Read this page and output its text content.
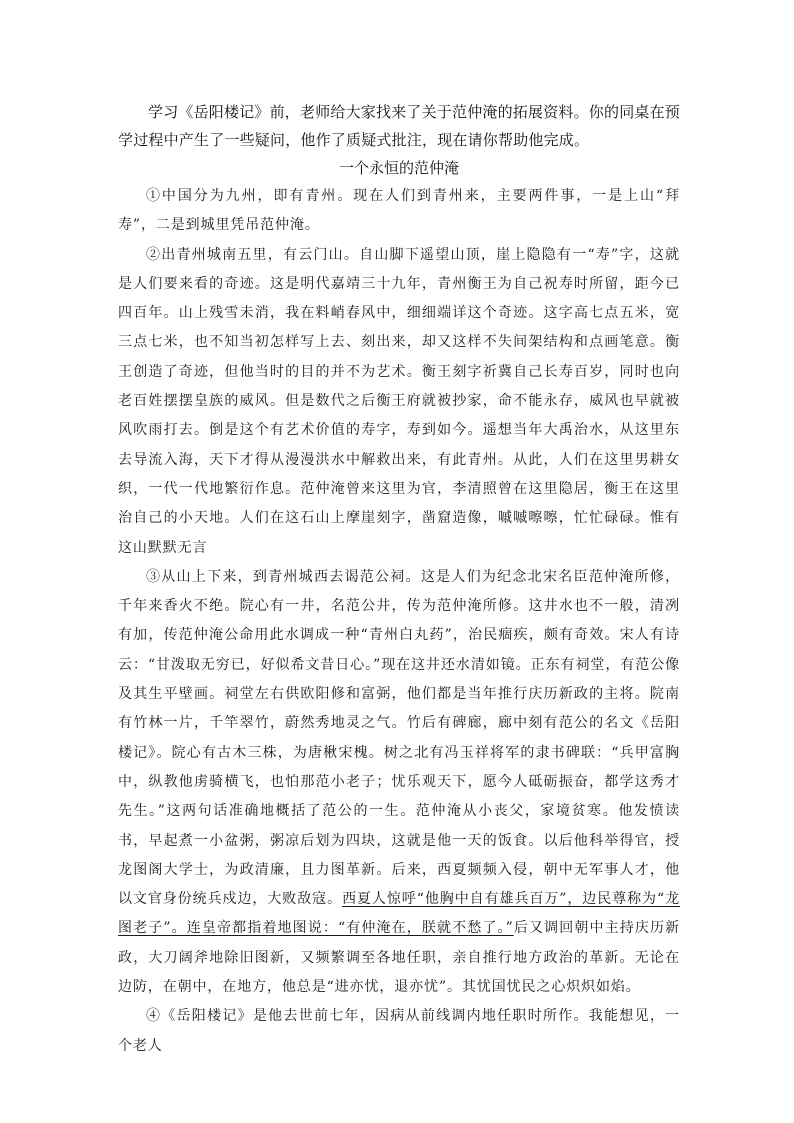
学习《岳阳楼记》前，老师给大家找来了关于范仲淹的拓展资料。你的同桌在预学过程中产生了一些疑问，他作了质疑式批注，现在请你帮助他完成。

一个永恒的范仲淹

①中国分为九州，即有青州。现在人们到青州来，主要两件事，一是上山“拜寿”，二是到城里凭吊范仲淹。

②出青州城南五里，有云门山。自山脚下遥望山顶，崖上隐隐有一“寿”字，这就是人们要来看的奇迹。这是明代嘉靖三十九年，青州衡王为自己祝寿时所留，距今已四百年。山上残雪未消，我在料峭春风中，细细端详这个奇迹。这字高七点五米，宽三点七米，也不知当初怎样写上去、刻出来，却又这样不失间架结构和点画笔意。衡王创造了奇迹，但他当时的目的并不为艺术。衡王刻字祈冀自己长寿百岁，同时也向老百姓摆摆皇族的威风。但是数代之后衡王府就被抄家，命不能永存，威风也早就被风吹雨打去。倒是这个有艺术价值的寿字，寿到如今。遥想当年大禹治水，从这里东去导流入海，天下才得从漫漫洪水中解救出来，有此青州。从此，人们在这里男耕女织，一代一代地繁衍作息。范仲淹曾来这里为官，李清照曾在这里隐居，衡王在这里治自己的小天地。人们在这石山上摩崖刻字，凿窟造像，嘁嘁嚓嚓，忙忙碌碌。惟有这山默默无言

③从山上下来，到青州城西去谒范公祠。这是人们为纪念北宋名臣范仲淹所修，千年来香火不绝。院心有一井，名范公井，传为范仲淹所修。这井水也不一般，清冽有加，传范仲淹公命用此水调成一种“青州白丸药”，治民痼疾，颇有奇效。宋人有诗云：“甘泼取无穷已，好似希文昔日心。”现在这井还水清如镜。正东有祠堂，有范公像及其生平壁画。祠堂左右供欧阳修和富弼，他们都是当年推行庆历新政的主将。院南有竹林一片，千竿翠竹，蔚然秀地灵之气。竹后有碑廊，廊中刻有范公的名文《岳阳楼记》。院心有古木三株，为唐楸宋槐。树之北有冯玉祥将军的隶书碑联：“兵甲富胸中，纵教他虏骑横飞，也怕那范小老子；忧乐观天下，愿今人砥砺振奋，都学这秀才先生。”这两句话准确地概括了范公的一生。范仲淹从小丧父，家境贫寒。他发愤读书，早起煮一小盆粥，粥凉后划为四块，这就是他一天的饭食。以后他科举得官，授龙图阁大学士，为政清廉，且力图革新。后来，西夏频频入侵，朝中无军事人才，他以文官身份统兵戍边，大败敌寇。西夏人惊呼“他胸中自有雄兵百万”，边民尊称为“龙图老子”。连皇帝都指着地图说：“有仲淹在，朕就不愁了。”后又调回朝中主持庆历新政，大刀阔斧地除旧图新，又频繁调至各地任职，亲自推行地方政治的革新。无论在边防，在朝中，在地方，他总是“进亦忧，退亦忧”。其忧国忧民之心炽炽如焰。

④《岳阳楼记》是他去世前七年，因病从前线调内地任职时所作。我能想见，一个老人
